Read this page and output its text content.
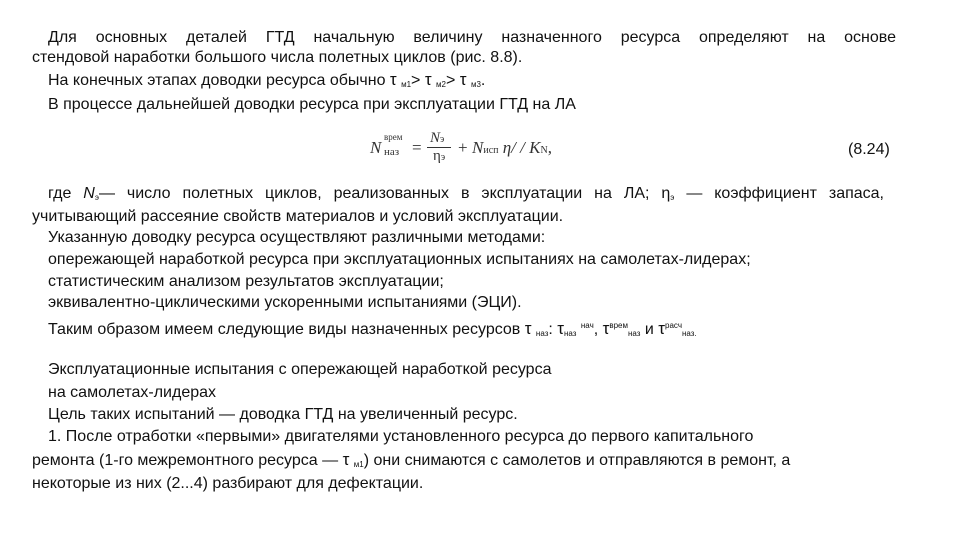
Для основных деталей ГТД начальную величину назначенного ресурса определяют на основе
стендовой наработки большого числа полетных циклов (рис. 8.8).
На конечных этапах доводки ресурса обычно τ $_{м1}$> τ $_{м2}$> τ $_{м3}$.
В процессе дальнейшей доводки ресурса при эксплуатации ГТД на ЛА
N
врем
наз = Nэ
ηэ
+ Nисп η/ / KN,	(8.24)
где $N_э—$ число полетных циклов, реализованных в эксплуатации на ЛА; $\eta_э$ — коэффициент запаса,
учитывающий рассеяние свойств материалов и условий эксплуатации.
Указанную доводку ресурса осуществляют различными методами:
опережающей наработкой ресурса при эксплуатационных испытаниях на самолетах-лидерах;
статистическим анализом результатов эксплуатации;
эквивалентно-циклическими ускоренными испытаниями (ЭЦИ).
Таким образом имеем следующие виды назначенных ресурсов τ $_{наз}$: $\tau_{наз}$ $^{нач}$, $\tau^{врем}_{наз}$ и $\tau^{расч}_{наз.}$
Эксплуатационные испытания с опережающей наработкой ресурса
на самолетах-лидерах
Цель таких испытаний — доводка ГТД на увеличенный ресурс.
1. После отработки «первыми» двигателями установленного ресурса до первого капитального
ремонта (1-го межремонтного ресурса — τ $_{м1}$) они снимаются с самолетов и отправляются в ремонт, а
некоторые из них (2...4) разбирают для дефектации.
